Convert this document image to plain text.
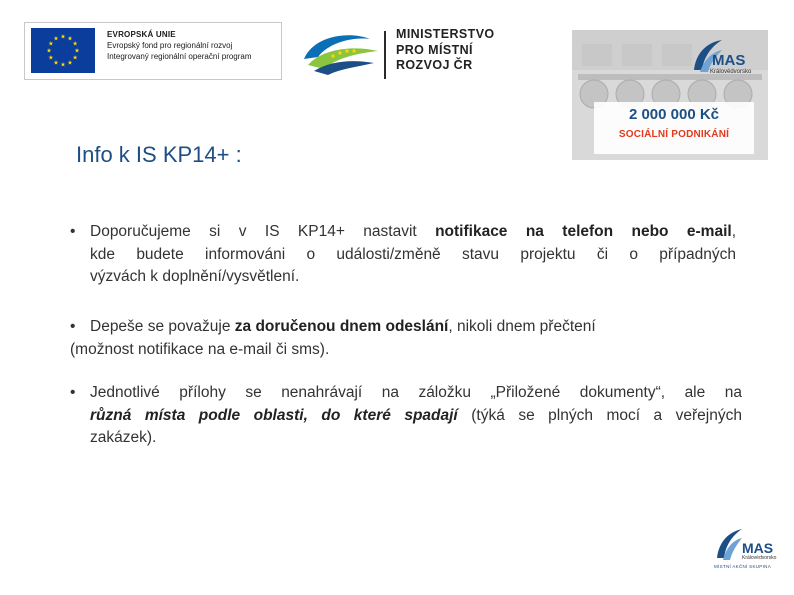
EVROPSKÁ UNIE
Evropský fond pro regionální rozvoj
Integrovaný regionální operační program
MINISTERSTVO
PRO MÍSTNÍ
ROZVOJ ČR	MAS
Královédvorsko
2 000 000 Kč
SOCIÁLNÍ PODNIKÁNÍ
Info k IS KP14+ :
• Doporučujeme si v IS KP14+ nastavit notifikace na telefon nebo e-mail,
kde budete informováni o události/změně stavu projektu či o případných
výzvách k doplnění/vysvětlení.
• Depeše se považuje za doručenou dnem odeslání, nikoli dnem přečtení
(možnost notifikace na e-mail či sms).
• Jednotlivé přílohy se nenahrávají na záložku „Přiložené dokumenty“, ale na
různá místa podle oblasti, do které spadají (týká se plných mocí a veřejných
zakázek).
MAS
Královédvorsko
MÍSTNÍ AKČNÍ SKUPINA
